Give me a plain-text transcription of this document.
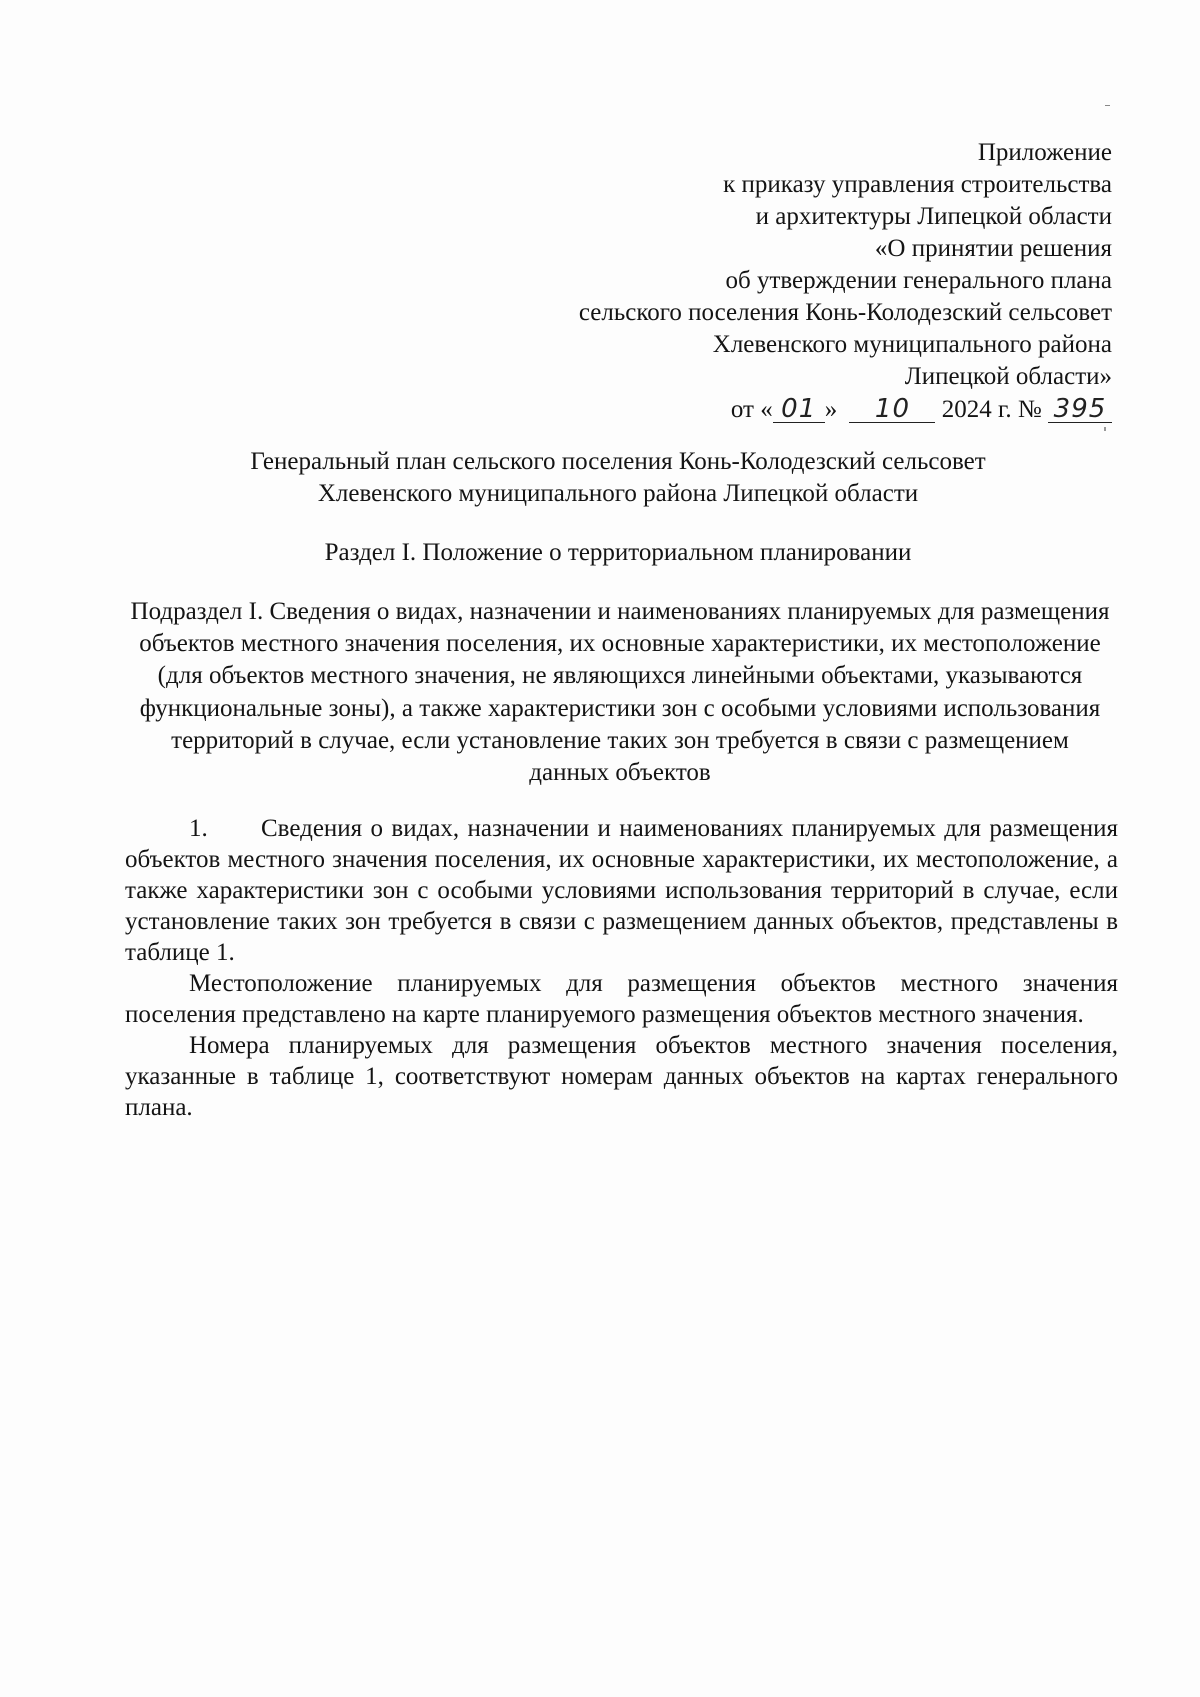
Приложение
к приказу управления строительства
и архитектуры Липецкой области
«О принятии решения
об утверждении генерального плана
сельского поселения Конь-Колодезский сельсовет
Хлевенского муниципального района
Липецкой области»
от « 01 » 10 2024 г. № 395
Генеральный план сельского поселения Конь-Колодезский сельсовет
Хлевенского муниципального района Липецкой области
Раздел I. Положение о территориальном планировании
Подраздел I. Сведения о видах, назначении и наименованиях планируемых для размещения объектов местного значения поселения, их основные характеристики, их местоположение (для объектов местного значения, не являющихся линейными объектами, указываются функциональные зоны), а также характеристики зон с особыми условиями использования территорий в случае, если установление таких зон требуется в связи с размещением данных объектов

1. Сведения о видах, назначении и наименованиях планируемых для размещения объектов местного значения поселения, их основные характеристики, их местоположение, а также характеристики зон с особыми условиями использования территорий в случае, если установление таких зон требуется в связи с размещением данных объектов, представлены в таблице 1.

Местоположение планируемых для размещения объектов местного значения поселения представлено на карте планируемого размещения объектов местного значения.

Номера планируемых для размещения объектов местного значения поселения, указанные в таблице 1, соответствуют номерам данных объектов на картах генерального плана.
